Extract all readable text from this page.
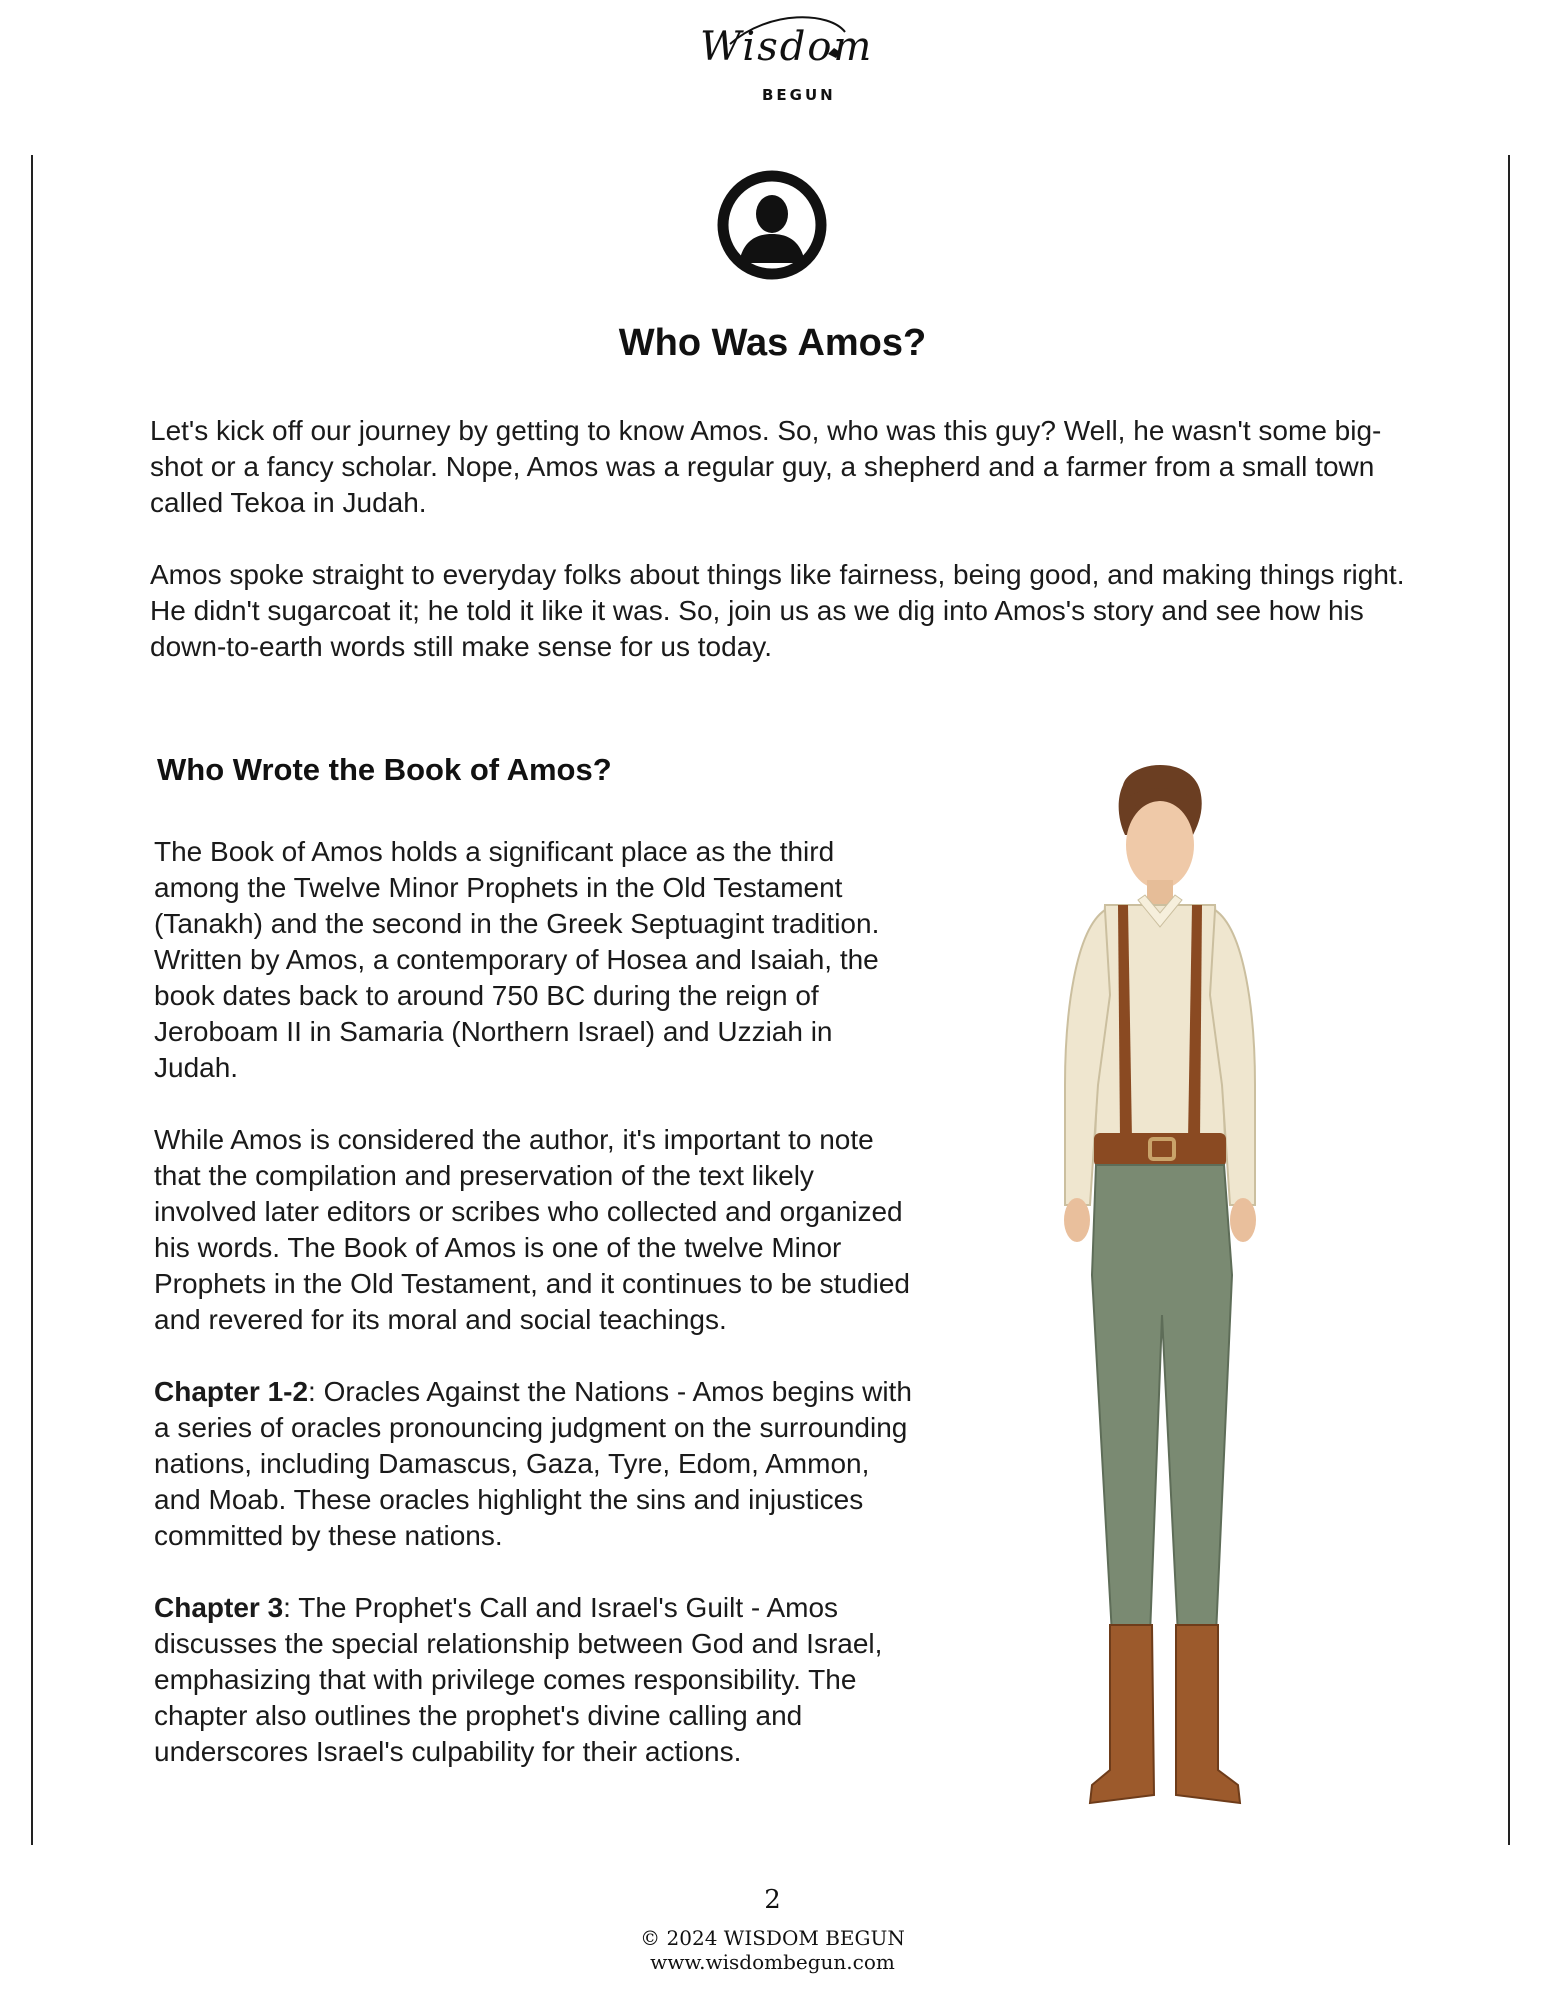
Wisdom
BEGUN
Who Was Amos?

Let's kick off our journey by getting to know Amos. So, who was this guy? Well, he wasn't some big-shot or a fancy scholar. Nope, Amos was a regular guy, a shepherd and a farmer from a small town called Tekoa in Judah.

Amos spoke straight to everyday folks about things like fairness, being good, and making things right. He didn't sugarcoat it; he told it like it was. So, join us as we dig into Amos's story and see how his down-to-earth words still make sense for us today.

Who Wrote the Book of Amos?

The Book of Amos holds a significant place as the third among the Twelve Minor Prophets in the Old Testament (Tanakh) and the second in the Greek Septuagint tradition. Written by Amos, a contemporary of Hosea and Isaiah, the book dates back to around 750 BC during the reign of Jeroboam II in Samaria (Northern Israel) and Uzziah in Judah.

While Amos is considered the author, it's important to note that the compilation and preservation of the text likely involved later editors or scribes who collected and organized his words. The Book of Amos is one of the twelve Minor Prophets in the Old Testament, and it continues to be studied and revered for its moral and social teachings.

Chapter 1-2: Oracles Against the Nations - Amos begins with a series of oracles pronouncing judgment on the surrounding nations, including Damascus, Gaza, Tyre, Edom, Ammon, and Moab. These oracles highlight the sins and injustices committed by these nations.

Chapter 3: The Prophet's Call and Israel's Guilt - Amos discusses the special relationship between God and Israel, emphasizing that with privilege comes responsibility. The chapter also outlines the prophet's divine calling and underscores Israel's culpability for their actions.

2
© 2024 WISDOM BEGUN
www.wisdombegun.com
